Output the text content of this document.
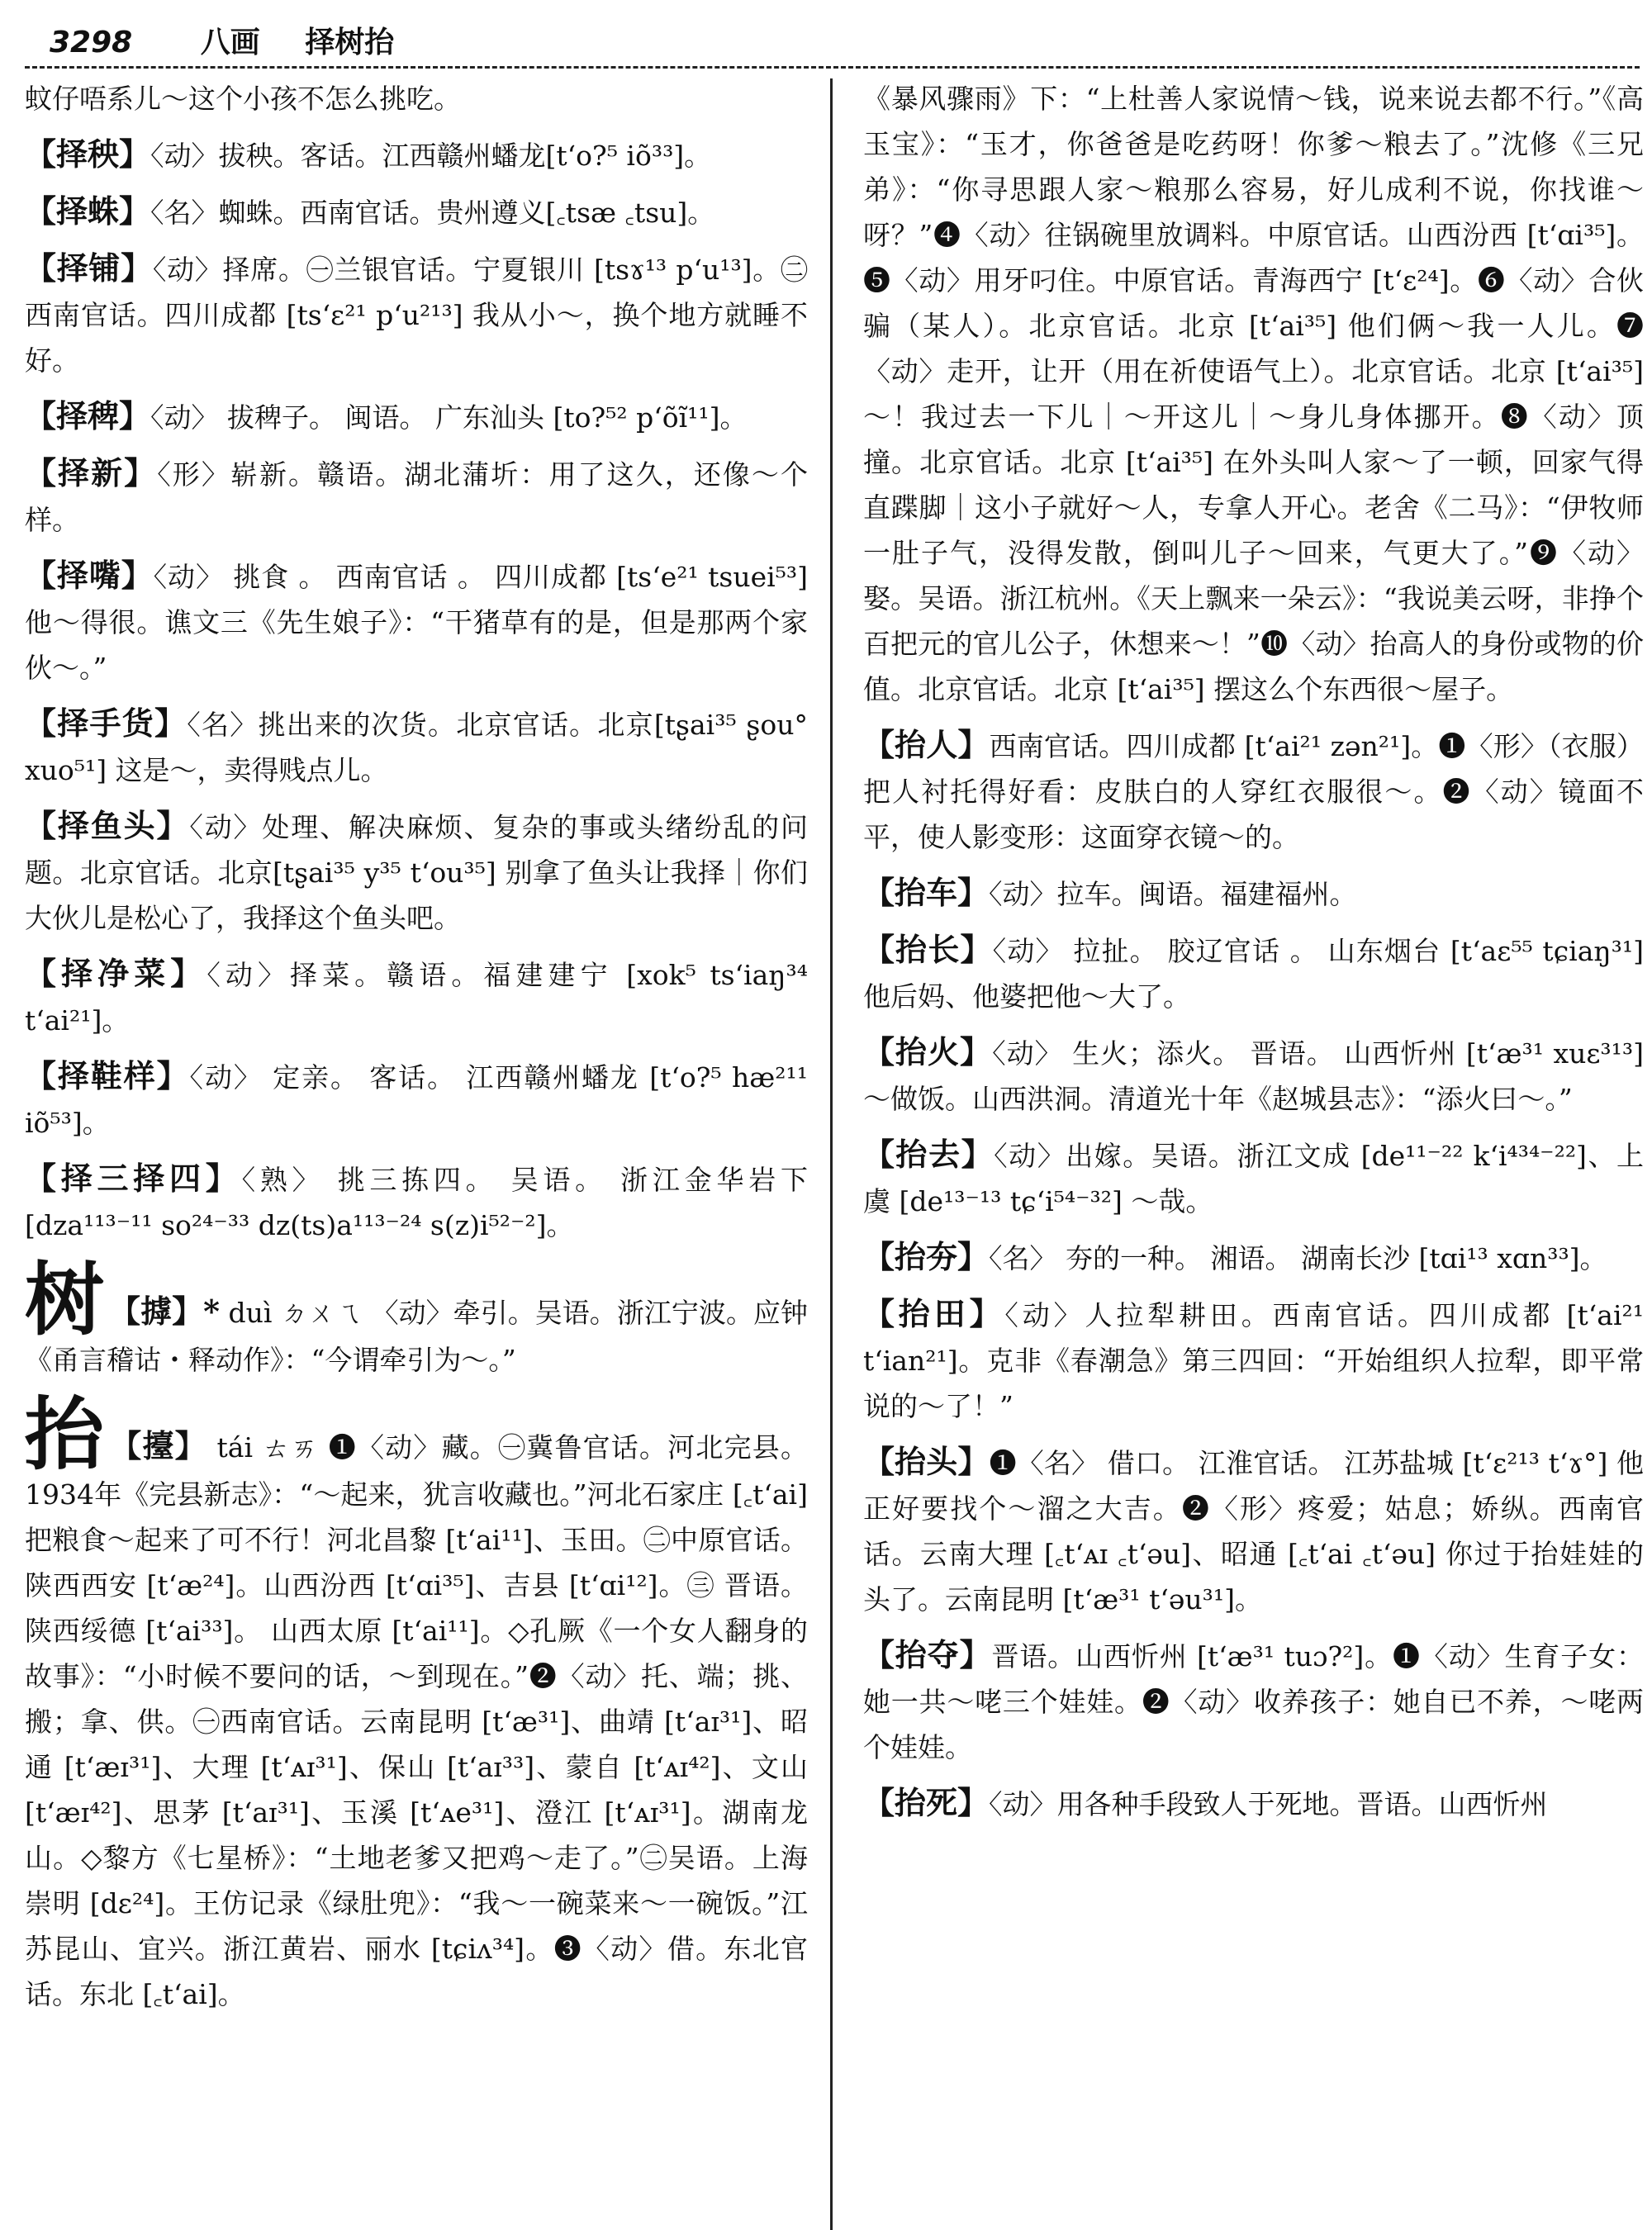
3298 八画 择树抬
蚊仔唔系儿～这个小孩不怎么挑吃。
【择秧】〈动〉拔秧。客话。江西赣州蟠龙[t‘o?⁵ iõ³³]。
【择蛛】〈名〉蜘蛛。西南官话。贵州遵义[꜀tsæ ꜀tsu]。
【择铺】〈动〉择席。㊀兰银官话。宁夏银川 [tsɤ¹³ p‘u¹³]。㊁西南官话。四川成都 [ts‘ɛ²¹ p‘u²¹³] 我从小～，换个地方就睡不好。
【择稗】〈动〉 拔稗子。 闽语。 广东汕头 [to?⁵² p‘õĩ¹¹]。
【择新】〈形〉崭新。赣语。湖北蒲圻：用了这久，还像～个样。
【择嘴】〈动〉 挑食 。 西南官话 。 四川成都 [ts‘e²¹ tsuei⁵³] 他～得很。谯文三《先生娘子》：“干猪草有的是，但是那两个家伙～。”
【择手货】〈名〉挑出来的次货。北京官话。北京[tʂai³⁵ ʂou° xuo⁵¹] 这是～，卖得贱点儿。
【择鱼头】〈动〉处理、解决麻烦、复杂的事或头绪纷乱的问题。北京官话。北京[tʂai³⁵ y³⁵ t‘ou³⁵] 别拿了鱼头让我择｜你们大伙儿是松心了，我择这个鱼头吧。
【择净菜】〈动〉择菜。赣语。福建建宁 [xok⁵ ts‘iaŋ³⁴ t‘ai²¹]。
【择鞋样】〈动〉 定亲。 客话。 江西赣州蟠龙 [t‘o?⁵ hæ²¹¹ iõ⁵³]。
【择三择四】〈熟〉 挑三拣四。 吴语。 浙江金华岩下 [dza¹¹³⁻¹¹ so²⁴⁻³³ dz(ts)a¹¹³⁻²⁴ s(z)i⁵²⁻²]。
树 【摢】* duì ㄉㄨㄟ 〈动〉牵引。吴语。浙江宁波。应钟《甬言稽诂・释动作》：“今谓牵引为～。”
抬 【擡】 tái ㄊㄞ ❶〈动〉藏。㊀冀鲁官话。河北完县。1934年《完县新志》：“～起来，犹言收藏也。”河北石家庄 [꜀t‘ai] 把粮食～起来了可不行！河北昌黎 [t‘ai¹¹]、玉田。㊁中原官话。陕西西安 [t‘æ²⁴]。山西汾西 [t‘ɑi³⁵]、吉县 [t‘ɑi¹²]。㊂ 晋语。 陕西绥德 [t‘ai³³]。 山西太原 [t‘ai¹¹]。◇孔厥《一个女人翻身的故事》：“小时候不要问的话，～到现在。”❷〈动〉托、端；挑、搬；拿、供。㊀西南官话。云南昆明 [t‘æ³¹]、曲靖 [t‘aɪ³¹]、昭通 [t‘æɪ³¹]、大理 [t‘ᴀɪ³¹]、保山 [t‘aɪ³³]、蒙自 [t‘ᴀɪ⁴²]、文山 [t‘æɪ⁴²]、思茅 [t‘aɪ³¹]、玉溪 [t‘ᴀe³¹]、澄江 [t‘ᴀɪ³¹]。湖南龙山。◇黎方《七星桥》：“土地老爹又把鸡～走了。”㊁吴语。上海崇明 [dɛ²⁴]。王仿记录《绿肚兜》：“我～一碗菜来～一碗饭。”江苏昆山、宜兴。浙江黄岩、丽水 [tɕiʌ³⁴]。❸〈动〉借。东北官话。东北 [꜀t‘ai]。
《暴风骤雨》下：“上杜善人家说情～钱，说来说去都不行。”《高玉宝》：“玉才，你爸爸是吃药呀！你爹～粮去了。”沈修《三兄弟》：“你寻思跟人家～粮那么容易，好儿成利不说，你找谁～呀？”❹〈动〉往锅碗里放调料。中原官话。山西汾西 [t‘ɑi³⁵]。❺〈动〉用牙叼住。中原官话。青海西宁 [t‘ɛ²⁴]。❻〈动〉合伙骗（某人）。北京官话。北京 [t‘ai³⁵] 他们俩～我一人儿。❼〈动〉走开，让开（用在祈使语气上）。北京官话。北京 [t‘ai³⁵] ～！我过去一下儿｜～开这儿｜～身儿身体挪开。❽〈动〉顶撞。北京官话。北京 [t‘ai³⁵] 在外头叫人家～了一顿，回家气得直蹀脚｜这小子就好～人，专拿人开心。老舍《二马》：“伊牧师一肚子气，没得发散，倒叫儿子～回来，气更大了。”❾〈动〉娶。吴语。浙江杭州。《天上飘来一朵云》：“我说美云呀，非挣个百把元的官儿公子，休想来～！”❿〈动〉抬高人的身份或物的价值。北京官话。北京 [t‘ai³⁵] 摆这么个东西很～屋子。
【抬人】西南官话。四川成都 [t‘ai²¹ zən²¹]。❶〈形〉（衣服）把人衬托得好看：皮肤白的人穿红衣服很～。❷〈动〉镜面不平，使人影变形：这面穿衣镜～的。
【抬车】〈动〉拉车。闽语。福建福州。
【抬长】〈动〉 拉扯。 胶辽官话 。 山东烟台 [t‘aɛ⁵⁵ tɕiaŋ³¹] 他后妈、他婆把他～大了。
【抬火】〈动〉 生火；添火。 晋语。 山西忻州 [t‘æ³¹ xuɛ³¹³]～做饭。山西洪洞。清道光十年《赵城县志》：“添火曰～。”
【抬去】〈动〉出嫁。吴语。浙江文成 [de¹¹⁻²² k‘i⁴³⁴⁻²²]、上虞 [de¹³⁻¹³ tɕ‘i⁵⁴⁻³²] ～哉。
【抬夯】〈名〉 夯的一种。 湘语。 湖南长沙 [tɑi¹³ xɑn³³]。
【抬田】〈动〉人拉犁耕田。西南官话。四川成都 [t‘ai²¹ t‘ian²¹]。克非《春潮急》第三四回：“开始组织人拉犁，即平常说的～了！”
【抬头】❶〈名〉 借口。 江淮官话。 江苏盐城 [t‘ɛ²¹³ t‘ɤ°] 他正好要找个～溜之大吉。❷〈形〉疼爱；姑息；娇纵。西南官话。云南大理 [꜀t‘ᴀɪ ꜀t‘əu]、昭通 [꜀t‘ai ꜀t‘əu] 你过于抬娃娃的头了。云南昆明 [t‘æ³¹ t‘əu³¹]。
【抬夺】晋语。山西忻州 [t‘æ³¹ tuɔ?²]。❶〈动〉生育子女：她一共～咾三个娃娃。❷〈动〉收养孩子：她自已不养，～咾两个娃娃。
【抬死】〈动〉用各种手段致人于死地。晋语。山西忻州
